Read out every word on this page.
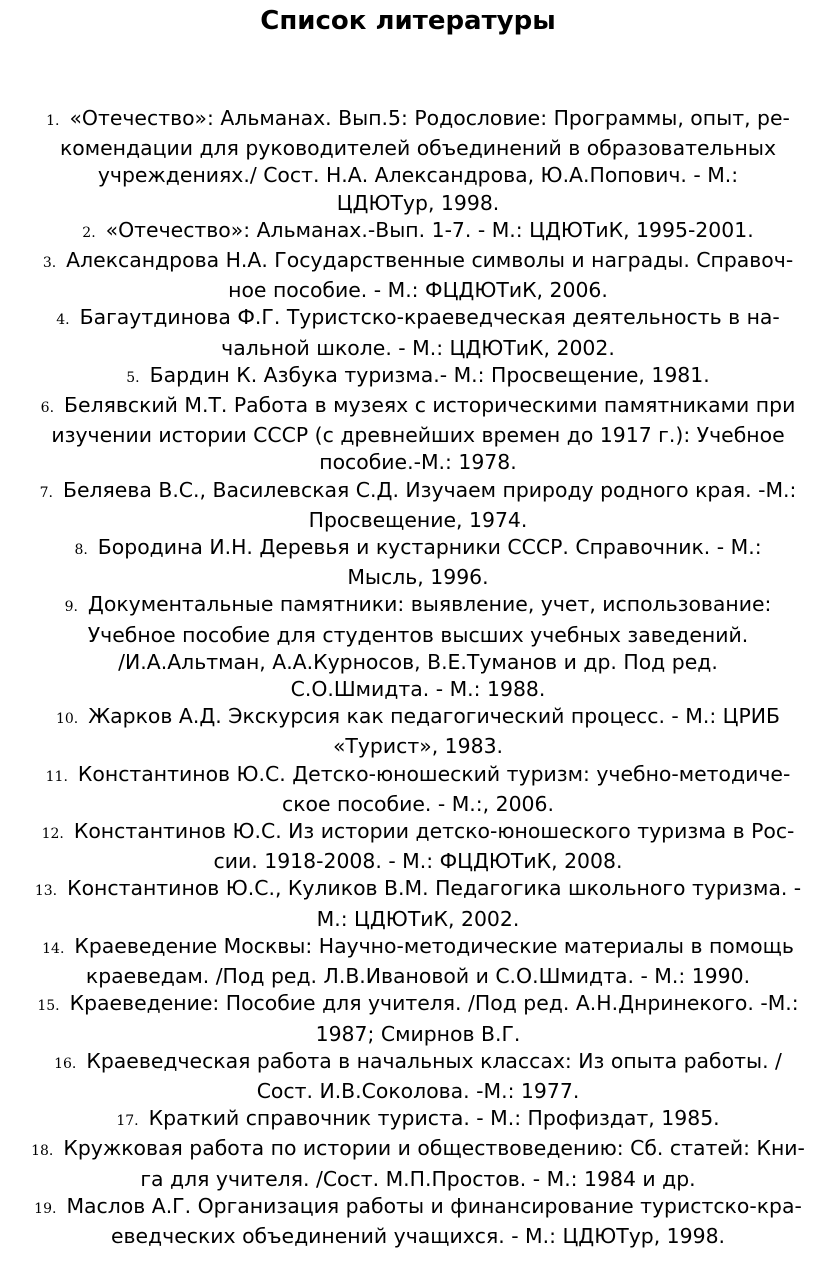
Список литературы
1. «Отечество»: Альманах. Вып.5: Родословие: Программы, опыт, ре-
комендации для руководителей объединений в образовательных
учреждениях./ Сост. Н.А. Александрова, Ю.А.Попович. - М.:
ЦДЮТур, 1998.
2. «Отечество»: Альманах.-Вып. 1-7. - М.: ЦДЮТиК, 1995-2001.
3. Александрова Н.А. Государственные символы и награды. Справоч-
ное пособие. - М.: ФЦДЮТиК, 2006.
4. Багаутдинова Ф.Г. Туристско-краеведческая деятельность в на-
чальной школе. - М.: ЦДЮТиК, 2002.
5. Бардин К. Азбука туризма.- М.: Просвещение, 1981.
6. Белявский М.Т. Работа в музеях с историческими памятниками при
изучении истории СССР (с древнейших времен до 1917 г.): Учебное
пособие.-М.: 1978.
7. Беляева В.С., Василевская С.Д. Изучаем природу родного края. -М.:
Просвещение, 1974.
8. Бородина И.Н. Деревья и кустарники СССР. Справочник. - М.:
Мысль, 1996.
9. Документальные памятники: выявление, учет, использование:
Учебное пособие для студентов высших учебных заведений.
/И.А.Альтман, А.А.Курносов, В.Е.Туманов и др. Под ред.
С.О.Шмидта. - М.: 1988.
10. Жарков А.Д. Экскурсия как педагогический процесс. - М.: ЦРИБ
«Турист», 1983.
11. Константинов Ю.С. Детско-юношеский туризм: учебно-методиче-
ское пособие. - М.:, 2006.
12. Константинов Ю.С. Из истории детско-юношеского туризма в Рос-
сии. 1918-2008. - М.: ФЦДЮТиК, 2008.
13. Константинов Ю.С., Куликов В.М. Педагогика школьного туризма. -
М.: ЦДЮТиК, 2002.
14. Краеведение Москвы: Научно-методические материалы в помощь
краеведам. /Под ред. Л.В.Ивановой и С.О.Шмидта. - М.: 1990.
15. Краеведение: Пособие для учителя. /Под ред. А.Н.Днринекого. -М.:
1987; Смирнов В.Г.
16. Краеведческая работа в начальных классах: Из опыта работы. /
Сост. И.В.Соколова. -М.: 1977.
17. Краткий справочник туриста. - М.: Профиздат, 1985.
18. Кружковая работа по истории и обществоведению: Сб. статей: Кни-
га для учителя. /Сост. М.П.Простов. - М.: 1984 и др.
19. Маслов А.Г. Организация работы и финансирование туристско-кра-
еведческих объединений учащихся. - М.: ЦДЮТур, 1998.
